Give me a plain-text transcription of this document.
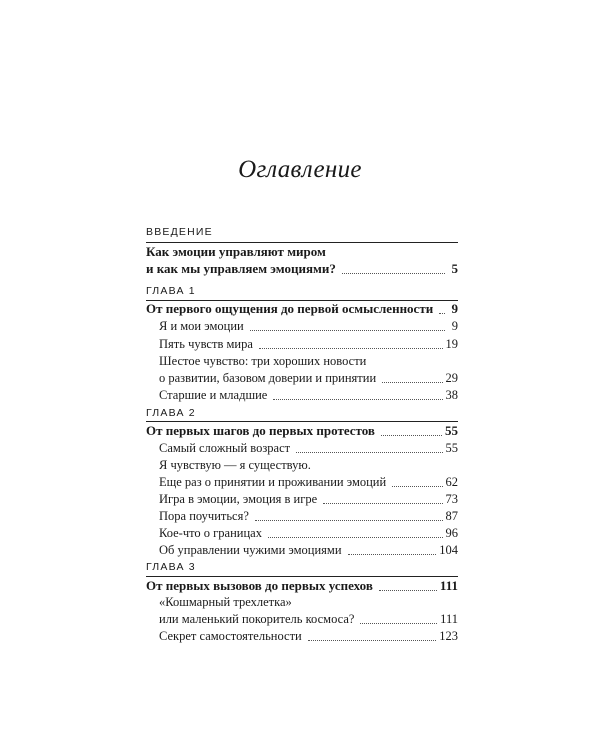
Оглавление
ВВЕДЕНИЕ
Как эмоции управляют миром
и как мы управляем эмоциями?	5
ГЛАВА 1
От первого ощущения до первой осмысленности 9
Я и мои эмоции	9
Пять чувств мира	19
Шестое чувство: три хороших новости
о развитии, базовом доверии и принятии	29
Старшие и младшие	38
ГЛАВА 2
От первых шагов до первых протестов	55
Самый сложный возраст	55
Я чувствую — я существую.
Еще раз о принятии и проживании эмоций	62
Игра в эмоции, эмоция в игре	73
Пора поучиться?	87
Кое-что о границах	96
Об управлении чужими эмоциями	104
ГЛАВА 3
От первых вызовов до первых успехов	111
«Кошмарный трехлетка»
или маленький покоритель космоса?	111
Секрет самостоятельности	123
